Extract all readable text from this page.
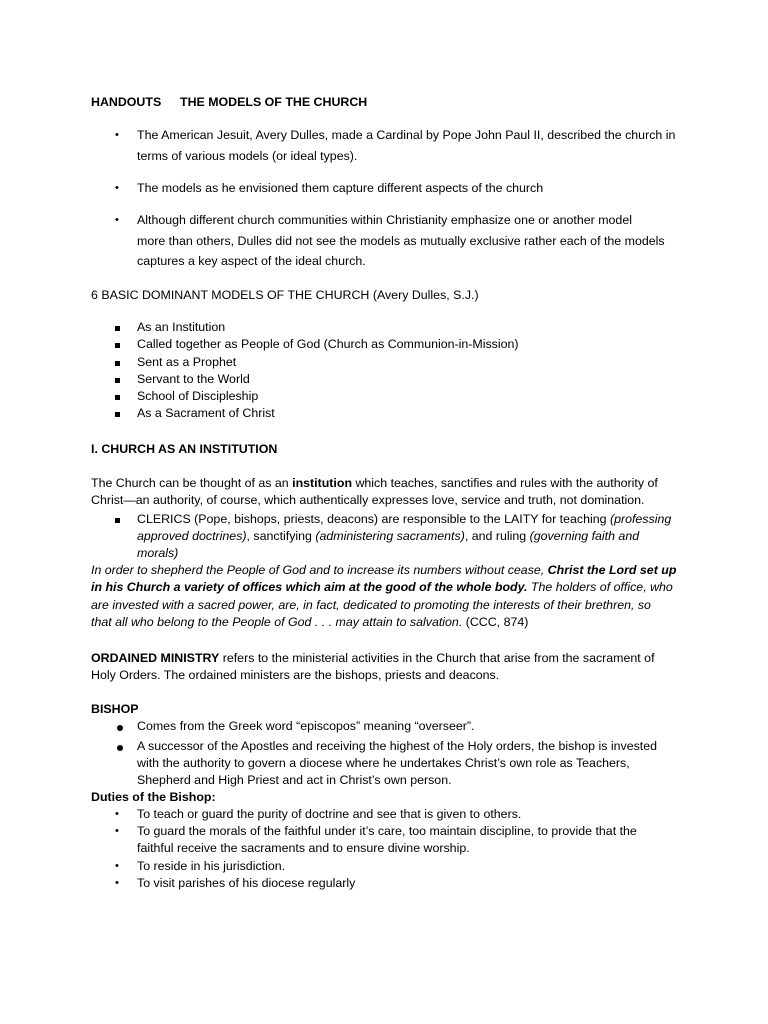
HANDOUTS THE MODELS OF THE CHURCH
• The American Jesuit, Avery Dulles, made a Cardinal by Pope John Paul II, described the church in
terms of various models (or ideal types).
• The models as he envisioned them capture different aspects of the church
• Although different church communities within Christianity emphasize one or another model
more than others, Dulles did not see the models as mutually exclusive rather each of the models
captures a key aspect of the ideal church.
6 BASIC DOMINANT MODELS OF THE CHURCH (Avery Dulles, S.J.)
As an Institution
Called together as People of God (Church as Communion-in-Mission)
Sent as a Prophet
Servant to the World
School of Discipleship
As a Sacrament of Christ
I. CHURCH AS AN INSTITUTION
The Church can be thought of as an institution which teaches, sanctifies and rules with the authority of
Christ—an authority, of course, which authentically expresses love, service and truth, not domination.
CLERICS (Pope, bishops, priests, deacons) are responsible to the LAITY for teaching (professing
approved doctrines), sanctifying (administering sacraments), and ruling (governing faith and
morals)
In order to shepherd the People of God and to increase its numbers without cease, Christ the Lord set up
in his Church a variety of offices which aim at the good of the whole body. The holders of office, who
are invested with a sacred power, are, in fact, dedicated to promoting the interests of their brethren, so
that all who belong to the People of God . . . may attain to salvation. (CCC, 874)
ORDAINED MINISTRY refers to the ministerial activities in the Church that arise from the sacrament of
Holy Orders. The ordained ministers are the bishops, priests and deacons.
BISHOP
Comes from the Greek word “episcopos” meaning “overseer”.
A successor of the Apostles and receiving the highest of the Holy orders, the bishop is invested
with the authority to govern a diocese where he undertakes Christ’s own role as Teachers,
Shepherd and High Priest and act in Christ’s own person.
Duties of the Bishop:
• To teach or guard the purity of doctrine and see that is given to others.
• To guard the morals of the faithful under it’s care, too maintain discipline, to provide that the
faithful receive the sacraments and to ensure divine worship.
• To reside in his jurisdiction.
• To visit parishes of his diocese regularly
